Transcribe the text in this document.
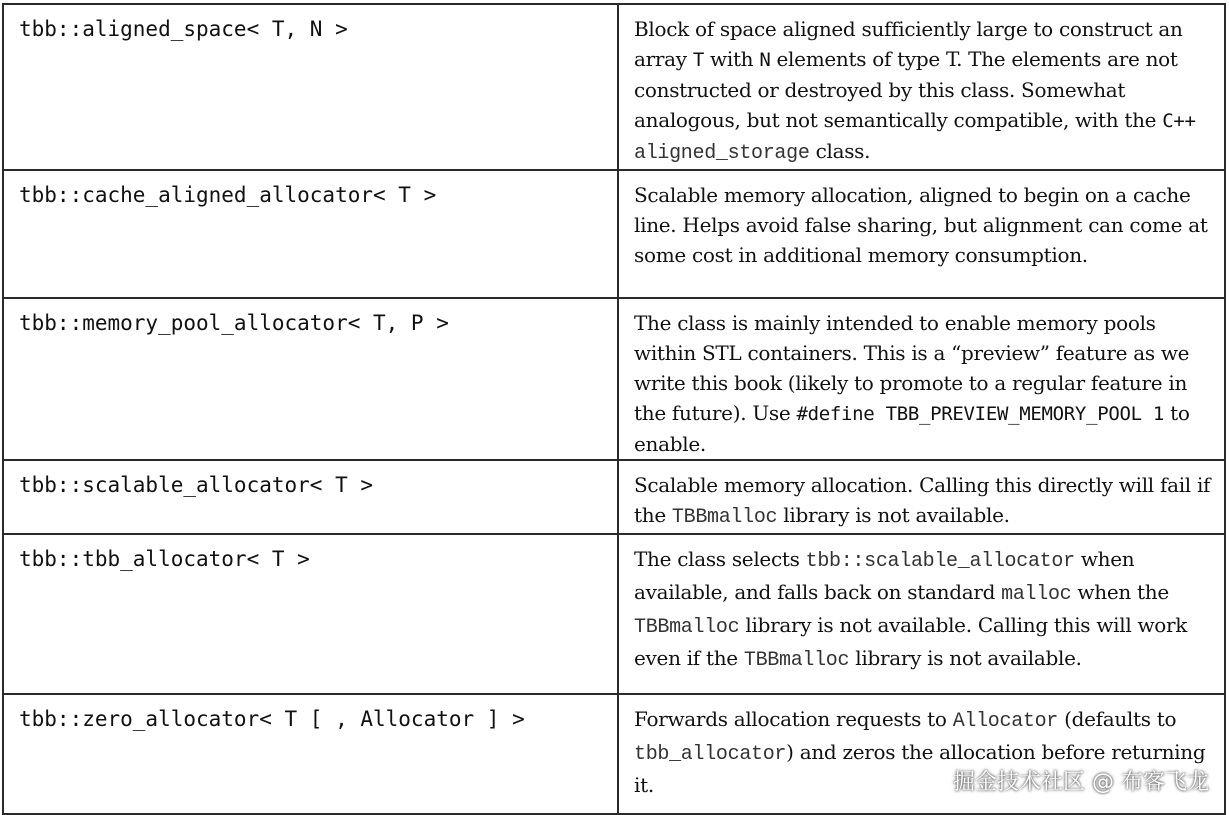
tbb::aligned_space< T, N >	Block of space aligned sufficiently large to construct an array T with N elements of type T. The elements are not constructed or destroyed by this class. Somewhat analogous, but not semantically compatible, with the C++ aligned_storage class.
tbb::cache_aligned_allocator< T >	Scalable memory allocation, aligned to begin on a cache line. Helps avoid false sharing, but alignment can come at some cost in additional memory consumption.
tbb::memory_pool_allocator< T, P >	The class is mainly intended to enable memory pools within STL containers. This is a “preview” feature as we write this book (likely to promote to a regular feature in the future). Use #define TBB_PREVIEW_MEMORY_POOL 1 to enable.
tbb::scalable_allocator< T >	Scalable memory allocation. Calling this directly will fail if the TBBmalloc library is not available.
tbb::tbb_allocator< T >	The class selects tbb::scalable_allocator when available, and falls back on standard malloc when the TBBmalloc library is not available. Calling this will work even if the TBBmalloc library is not available.
tbb::zero_allocator< T [ , Allocator ] >	Forwards allocation requests to Allocator (defaults to tbb_allocator) and zeros the allocation before returning it.	掘金技术社区 @ 布客飞龙
